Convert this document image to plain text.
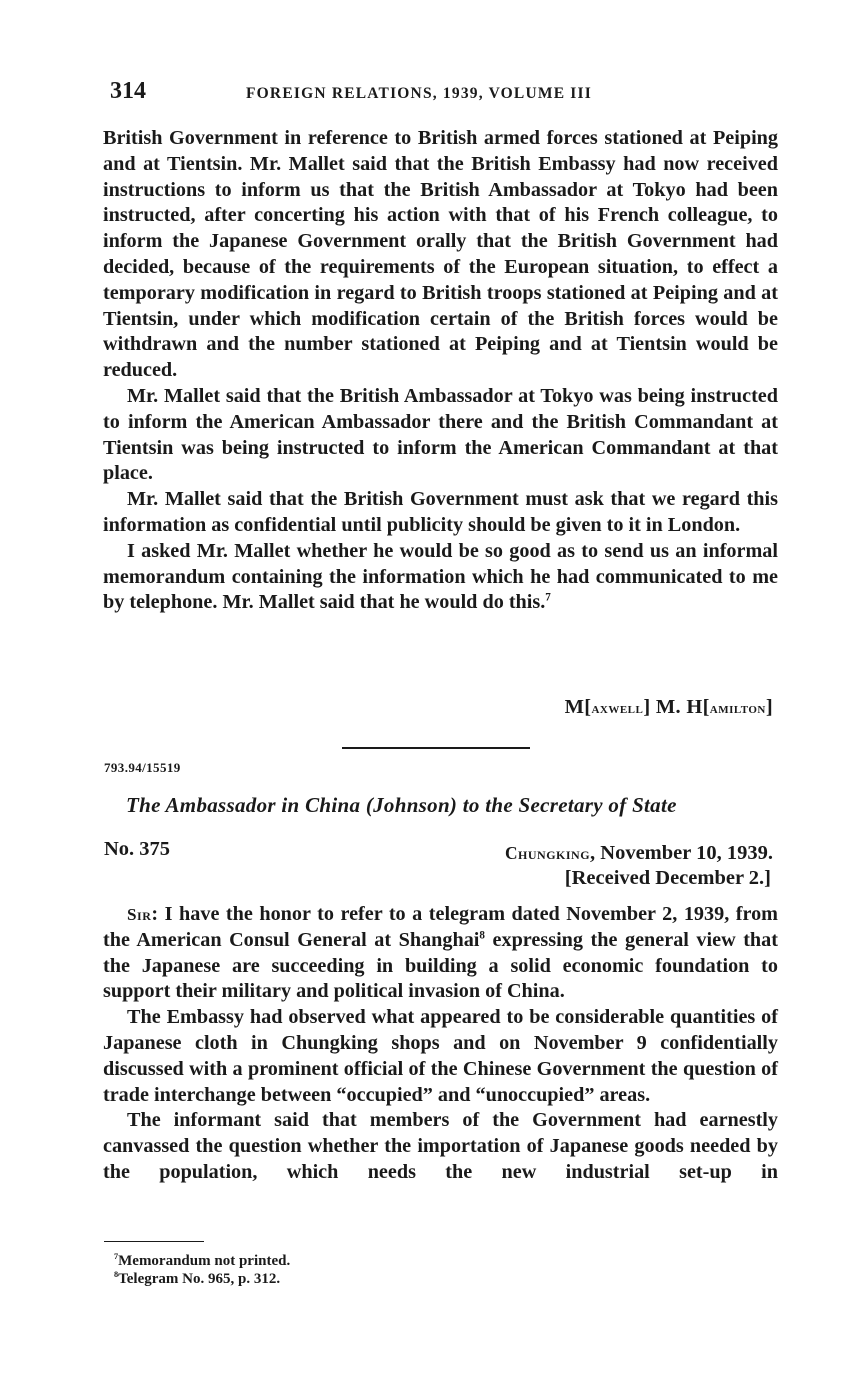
314	FOREIGN RELATIONS, 1939, VOLUME III

British Government in reference to British armed forces stationed at Peiping and at Tientsin. Mr. Mallet said that the British Embassy had now received instructions to inform us that the British Ambassador at Tokyo had been instructed, after concerting his action with that of his French colleague, to inform the Japanese Government orally that the British Government had decided, because of the requirements of the European situation, to effect a temporary modification in regard to British troops stationed at Peiping and at Tientsin, under which modification certain of the British forces would be withdrawn and the number stationed at Peiping and at Tientsin would be reduced.

Mr. Mallet said that the British Ambassador at Tokyo was being instructed to inform the American Ambassador there and the British Commandant at Tientsin was being instructed to inform the American Commandant at that place.

Mr. Mallet said that the British Government must ask that we regard this information as confidential until publicity should be given to it in London.

I asked Mr. Mallet whether he would be so good as to send us an informal memorandum containing the information which he had communicated to me by telephone. Mr. Mallet said that he would do this.$^7$

M[axwell] M. H[amilton]
793.94/15519
The Ambassador in China (Johnson) to the Secretary of State
No. 375	Chungking, November 10, 1939.
[Received December 2.]

Sir: I have the honor to refer to a telegram dated November 2, 1939, from the American Consul General at Shanghai$^8$ expressing the general view that the Japanese are succeeding in building a solid economic foundation to support their military and political invasion of China.

The Embassy had observed what appeared to be considerable quantities of Japanese cloth in Chungking shops and on November 9 confidentially discussed with a prominent official of the Chinese Government the question of trade interchange between “occupied” and “unoccupied” areas.

The informant said that members of the Government had earnestly canvassed the question whether the importation of Japanese goods needed by the population, which needs the new industrial set-up in

$^7$Memorandum not printed.
$^8$Telegram No. 965, p. 312.
